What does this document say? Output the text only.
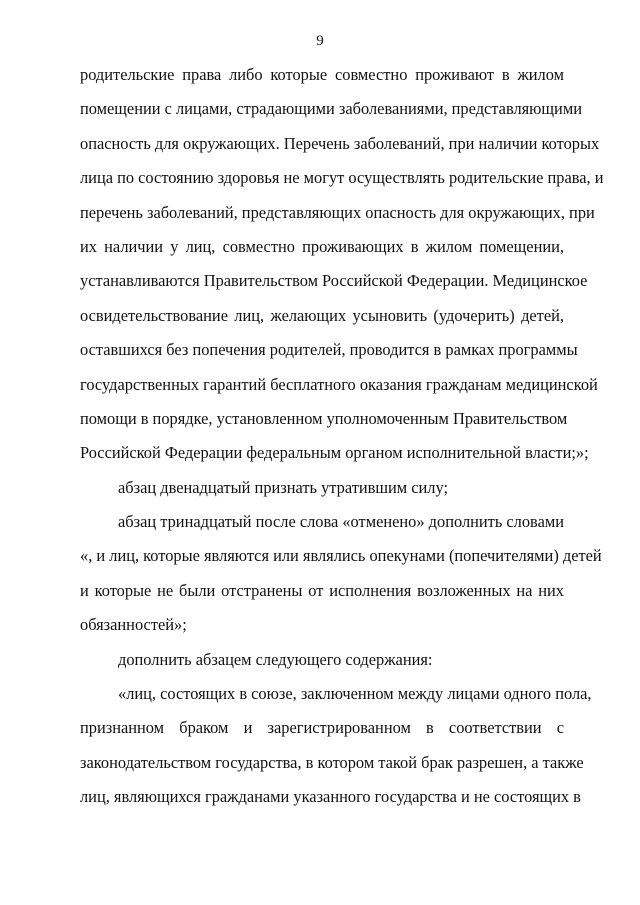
9
родительские права либо которые совместно проживают в жилом
помещении с лицами, страдающими заболеваниями, представляющими
опасность для окружающих. Перечень заболеваний, при наличии которых
лица по состоянию здоровья не могут осуществлять родительские права, и
перечень заболеваний, представляющих опасность для окружающих, при
их наличии у лиц, совместно проживающих в жилом помещении,
устанавливаются Правительством Российской Федерации. Медицинское
освидетельствование лиц, желающих усыновить (удочерить) детей,
оставшихся без попечения родителей, проводится в рамках программы
государственных гарантий бесплатного оказания гражданам медицинской
помощи в порядке, установленном уполномоченным Правительством
Российской Федерации федеральным органом исполнительной власти;»;
абзац двенадцатый признать утратившим силу;
абзац тринадцатый после слова «отменено» дополнить словами
«, и лиц, которые являются или являлись опекунами (попечителями) детей
и которые не были отстранены от исполнения возложенных на них
обязанностей»;
дополнить абзацем следующего содержания:
«лиц, состоящих в союзе, заключенном между лицами одного пола,
признанном браком и зарегистрированном в соответствии с
законодательством государства, в котором такой брак разрешен, а также
лиц, являющихся гражданами указанного государства и не состоящих в
